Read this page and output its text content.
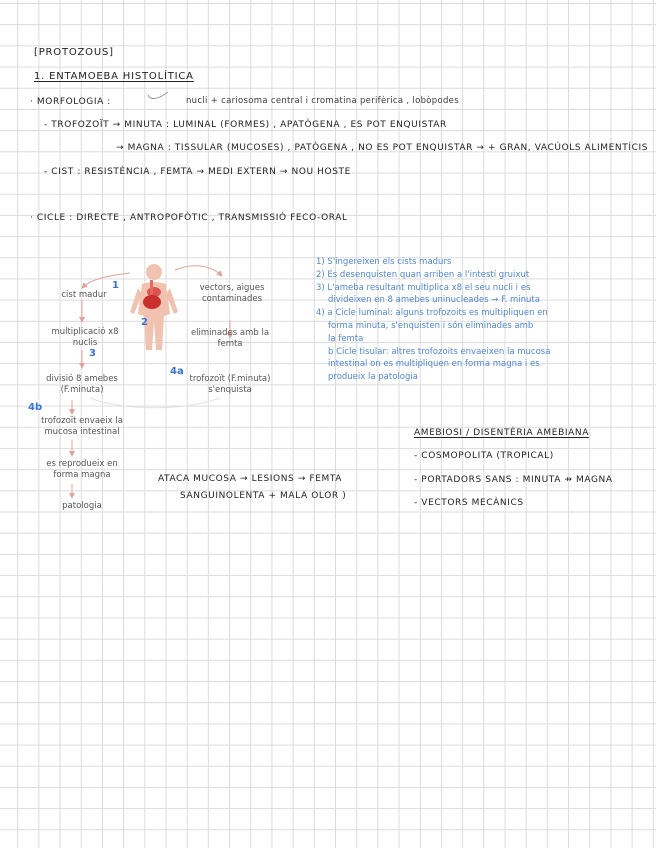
[PROTOZOUS]
1. ENTAMOEBA HISTOLÍTICA
· MORFOLOGIA :	nucli + cariosoma central i cromatina perifèrica , lobòpodes
- TROFOZOÏT → MINUTA : LUMINAL (FORMES) , APATÒGENA , ES POT ENQUISTAR
→ MAGNA : TISSULAR (MUCOSES) , PATÒGENA , NO ES POT ENQUISTAR → + GRAN, VACÚOLS ALIMENTÍCIS
- CIST : RESISTÈNCIA , FEMTA → MEDI EXTERN → NOU HOSTE
· CICLE : DIRECTE , ANTROPOFÒTIC , TRANSMISSIÓ FECO-ORAL
cist madur
1
2
vectors, aigues contaminades
multiplicació x8 nuclis
3
eliminades amb la femta
divisió 8 amebes (F.minuta)
4a
trofozoït (F.minuta) s'enquista
4b
trofozoït envaeix la mucosa intestinal
es reprodueix en forma magna
patologia
1) S'ingereixen els cists madurs
2) Es desenquisten quan arriben a l'intestí gruixut
3) L'ameba resultant multiplica x8 el seu nucli i es
divideixen en 8 amebes uninucleades → F. minuta
4) a Cicle luminal: alguns trofozoits es multipliquen en
forma minuta, s'enquisten i són eliminades amb
la femta
b Cicle tisular: altres trofozoits envaeixen la mucosa
intestinal on es multipliquen en forma magna i es
produeix la patologia
ATACA MUCOSA → LESIONS → FEMTA
SANGUINOLENTA + MALA OLOR )
AMEBIOSI / DISENTÈRIA AMEBIANA
- COSMOPOLITA (TROPICAL)
- PORTADORS SANS : MINUTA ⇸ MAGNA
- VECTORS MECÀNICS
